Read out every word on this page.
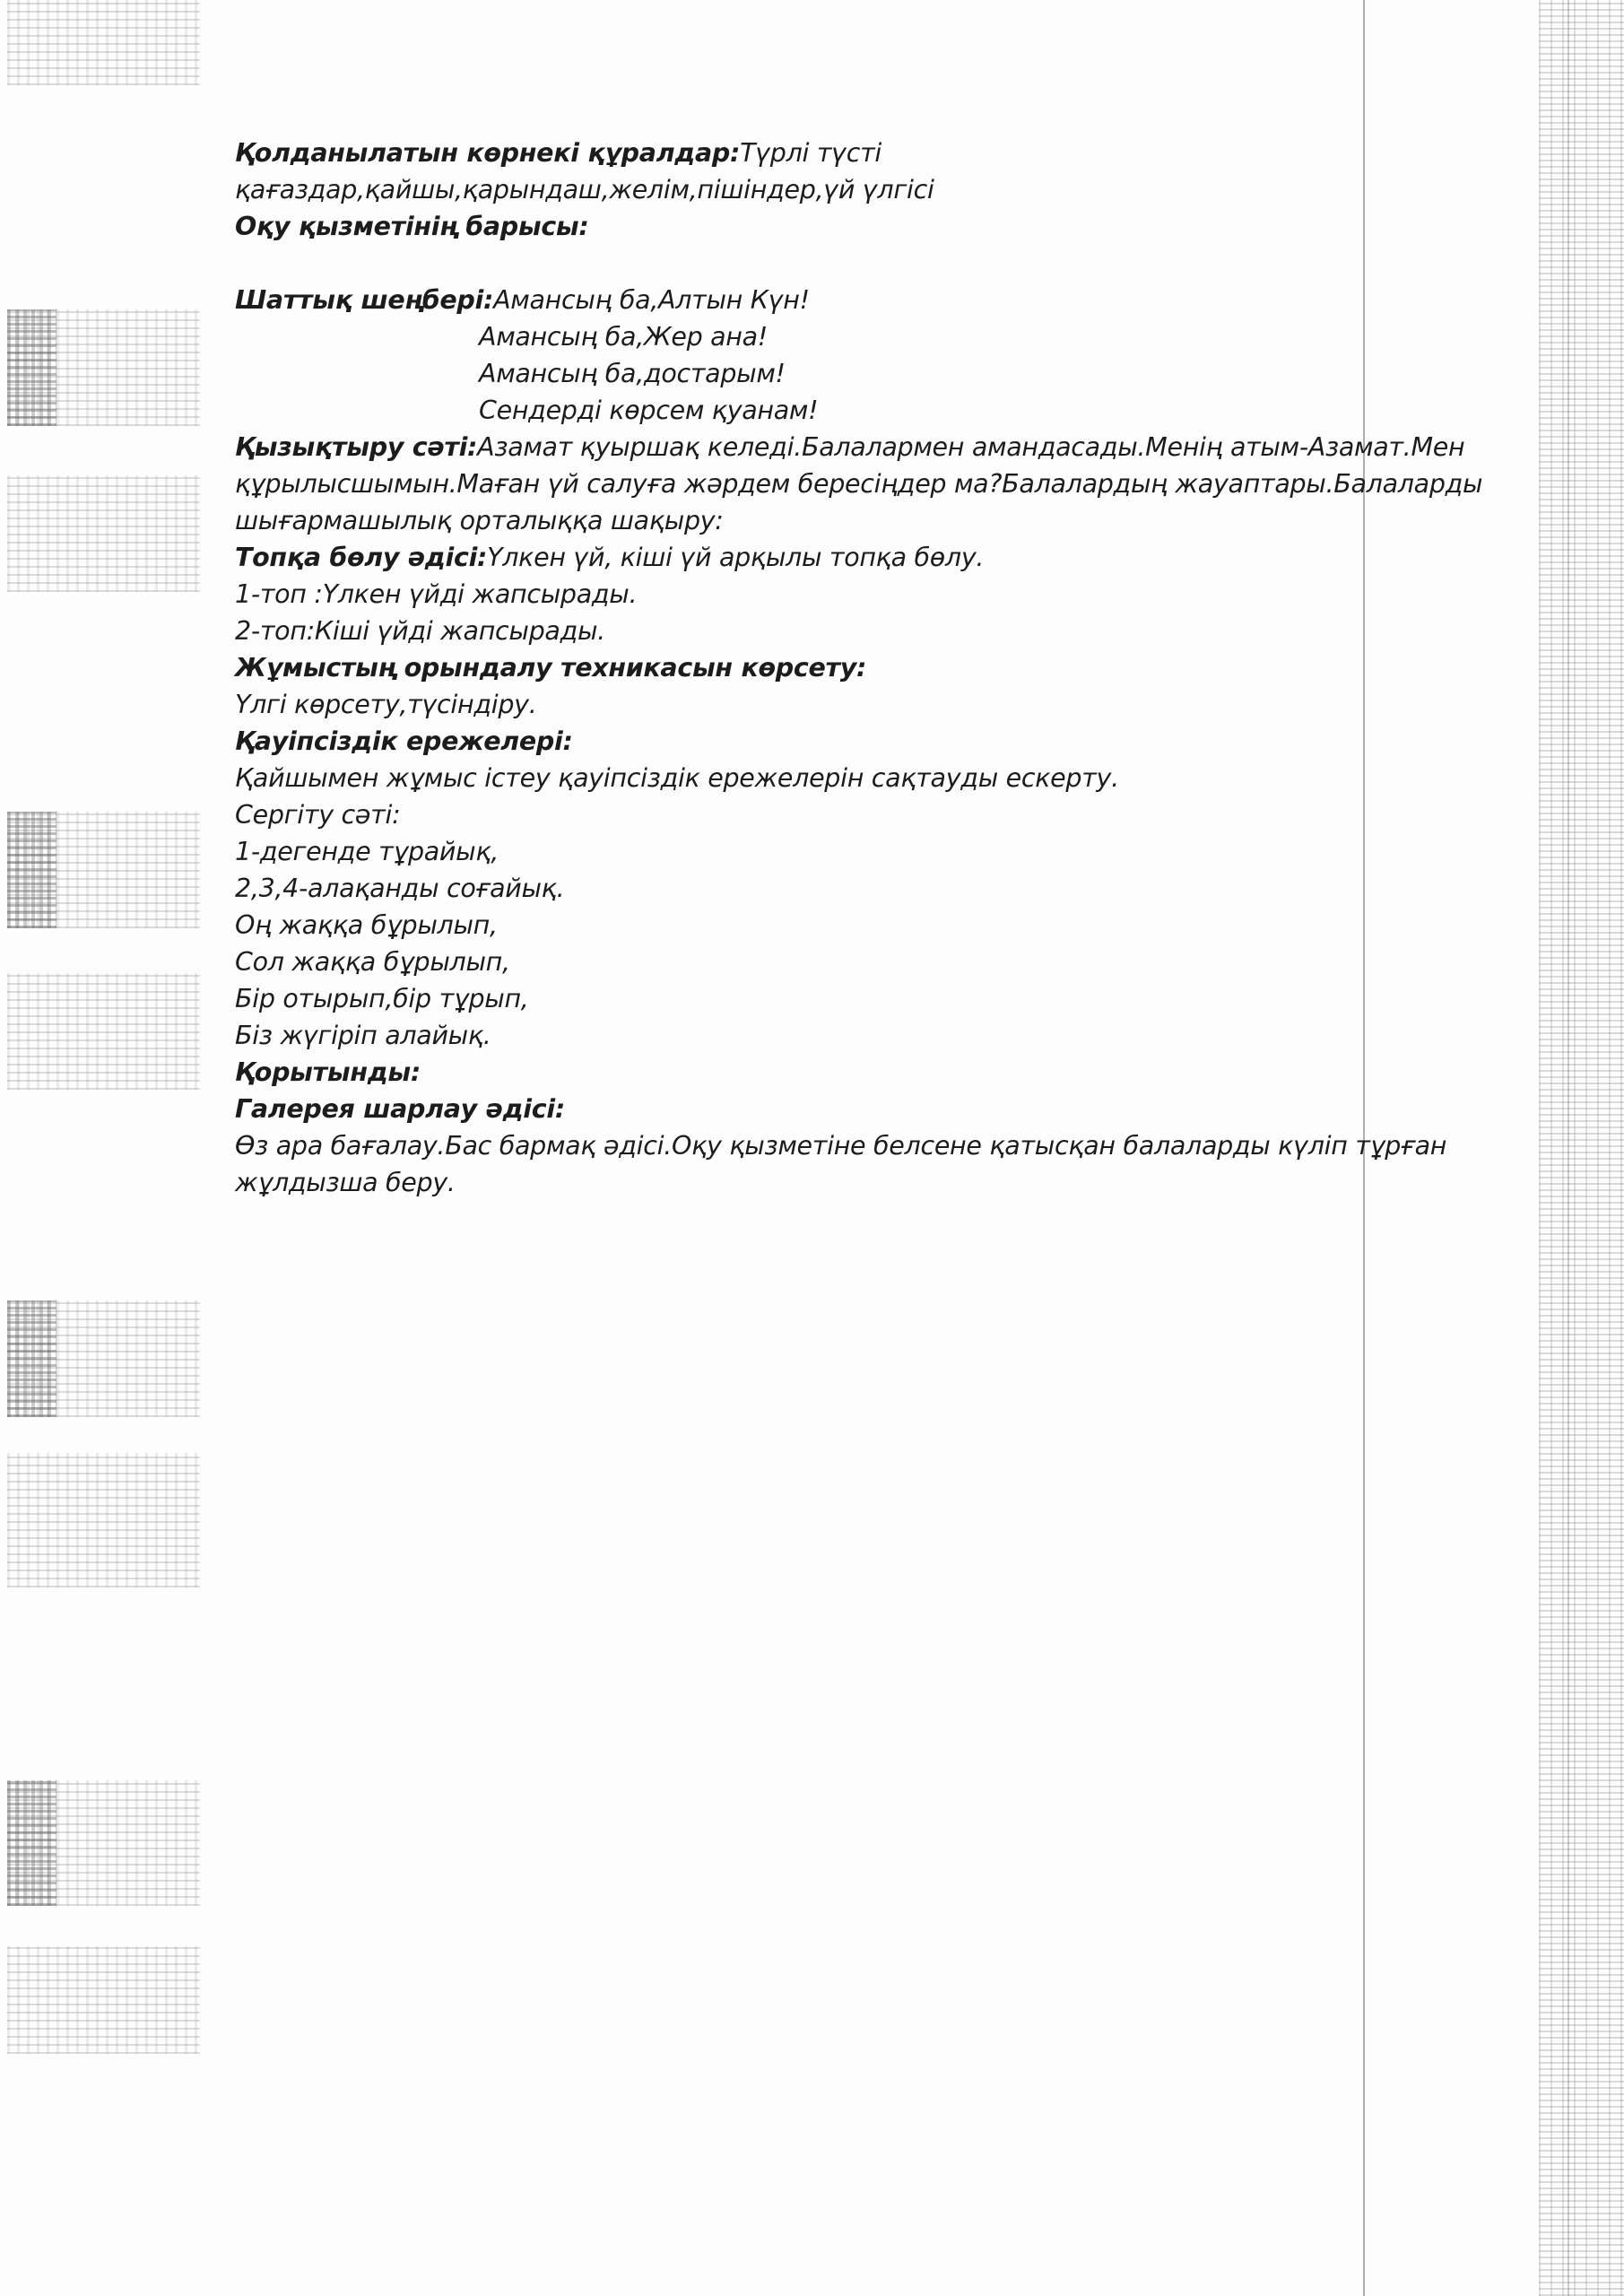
Қолданылатын көрнекі құралдар:Түрлі түсті қағаздар,қайшы,қарындаш,желім,пішіндер,үй үлгісі

Оқу қызметінің барысы:

Шаттық шеңбері:Амансың ба,Алтын Күн!

Амансың ба,Жер ана!

Амансың ба,достарым!

Сендерді көрсем қуанам!

Қызықтыру сәті:Азамат қуыршақ келеді.Балалармен амандасады.Менің атым-Азамат.Мен құрылысшымын.Маған үй салуға жәрдем бересіңдер ма?Балалардың жауаптары.Балаларды шығармашылық орталыққа шақыру:

Топқа бөлу әдісі:Үлкен үй, кіші үй арқылы топқа бөлу.

1-топ :Үлкен үйді жапсырады.

2-топ:Кіші үйді жапсырады.

Жұмыстың орындалу техникасын көрсету:

Үлгі көрсету,түсіндіру.

Қауіпсіздік ережелері:

Қайшымен жұмыс істеу қауіпсіздік ережелерін сақтауды ескерту.

Сергіту сәті:

1-дегенде тұрайық,

2,3,4-алақанды соғайық.

Оң жаққа бұрылып,

Сол жаққа бұрылып,

Бір отырып,бір тұрып,

Біз жүгіріп алайық.

Қорытынды:

Галерея шарлау әдісі:

Өз ара бағалау.Бас бармақ әдісі.Оқу қызметіне белсене қатысқан балаларды күліп тұрған жұлдызша беру.
